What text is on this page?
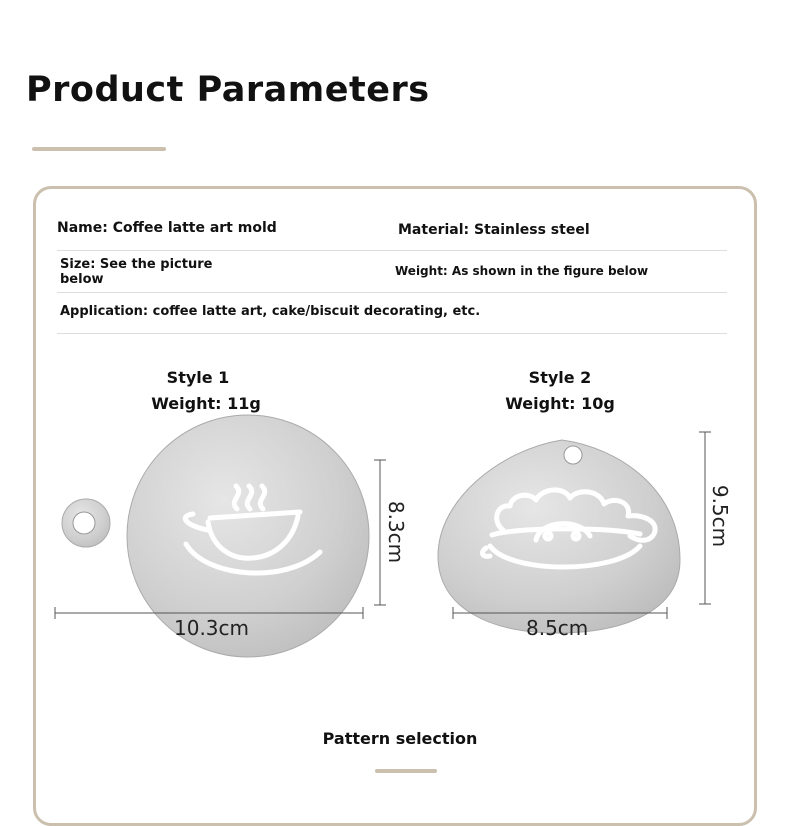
Product Parameters
Name: Coffee latte art mold	Material: Stainless steel
Size: See the picture
below
Weight: As shown in the figure below
Application: coffee latte art, cake/biscuit decorating, etc.
Style 1
Weight: 11g
Style 2
Weight: 10g
10.3cm
8.3cm
8.5cm
9.5cm
Pattern selection
